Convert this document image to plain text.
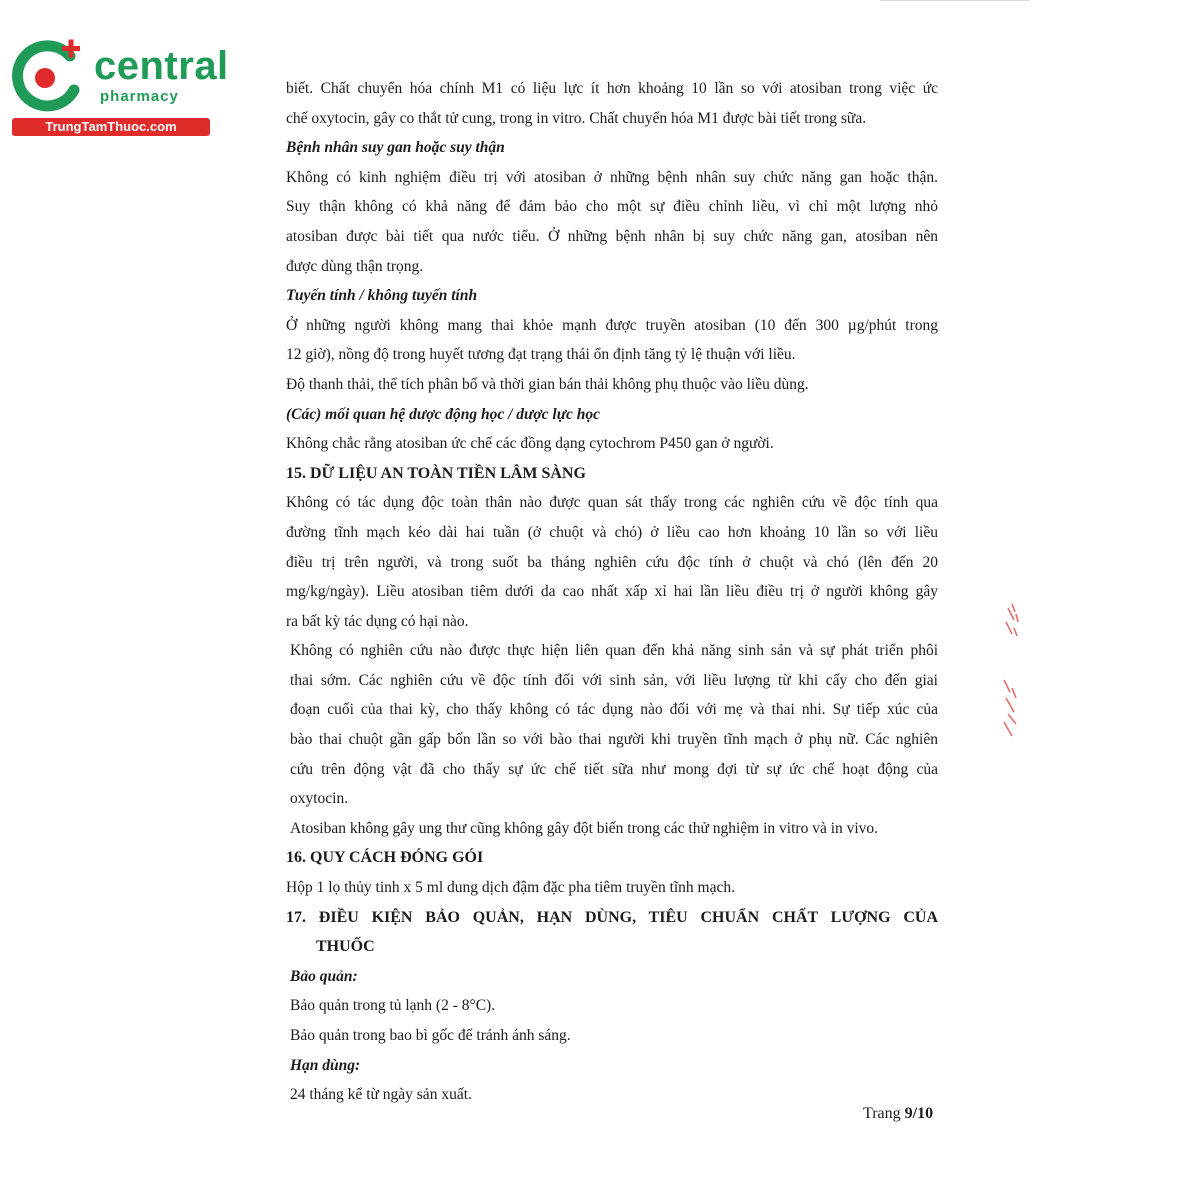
central
pharmacy
TrungTamThuoc.com
biết. Chất chuyển hóa chính M1 có liệu lực ít hơn khoảng 10 lần so với atosiban trong việc ức
chế oxytocin, gây co thắt tử cung, trong in vitro. Chất chuyển hóa M1 được bài tiết trong sữa.
Bệnh nhân suy gan hoặc suy thận
Không có kinh nghiệm điều trị với atosiban ở những bệnh nhân suy chức năng gan hoặc thận.
Suy thận không có khả năng để đảm bảo cho một sự điều chỉnh liều, vì chỉ một lượng nhỏ
atosiban được bài tiết qua nước tiểu. Ở những bệnh nhân bị suy chức năng gan, atosiban nên
được dùng thận trọng.
Tuyến tính / không tuyến tính
Ở những người không mang thai khỏe mạnh được truyền atosiban (10 đến 300 µg/phút trong
12 giờ), nồng độ trong huyết tương đạt trạng thái ổn định tăng tỷ lệ thuận với liều.
Độ thanh thải, thể tích phân bố và thời gian bán thải không phụ thuộc vào liều dùng.
(Các) mối quan hệ dược động học / dược lực học
Không chắc rằng atosiban ức chế các đồng dạng cytochrom P450 gan ở người.
15. DỮ LIỆU AN TOÀN TIỀN LÂM SÀNG
Không có tác dụng độc toàn thân nào được quan sát thấy trong các nghiên cứu về độc tính qua
đường tĩnh mạch kéo dài hai tuần (ở chuột và chó) ở liều cao hơn khoảng 10 lần so với liều
điều trị trên người, và trong suốt ba tháng nghiên cứu độc tính ở chuột và chó (lên đến 20
mg/kg/ngày). Liều atosiban tiêm dưới da cao nhất xấp xỉ hai lần liều điều trị ở người không gây
ra bất kỳ tác dụng có hại nào.
Không có nghiên cứu nào được thực hiện liên quan đến khả năng sinh sản và sự phát triển phôi
thai sớm. Các nghiên cứu về độc tính đối với sinh sản, với liều lượng từ khi cấy cho đến giai
đoạn cuối của thai kỳ, cho thấy không có tác dụng nào đối với mẹ và thai nhi. Sự tiếp xúc của
bào thai chuột gần gấp bốn lần so với bào thai người khi truyền tĩnh mạch ở phụ nữ. Các nghiên
cứu trên động vật đã cho thấy sự ức chế tiết sữa như mong đợi từ sự ức chế hoạt động của
oxytocin.
Atosiban không gây ung thư cũng không gây đột biến trong các thử nghiệm in vitro và in vivo.
16. QUY CÁCH ĐÓNG GÓI
Hộp 1 lọ thủy tinh x 5 ml dung dịch đậm đặc pha tiêm truyền tĩnh mạch.
17. ĐIỀU KIỆN BẢO QUẢN, HẠN DÙNG, TIÊU CHUẨN CHẤT LƯỢNG CỦA
THUỐC
Bảo quản:
Bảo quản trong tủ lạnh (2 - 8°C).
Bảo quản trong bao bì gốc để tránh ánh sáng.
Hạn dùng:
24 tháng kể từ ngày sản xuất.
Trang 9/10
